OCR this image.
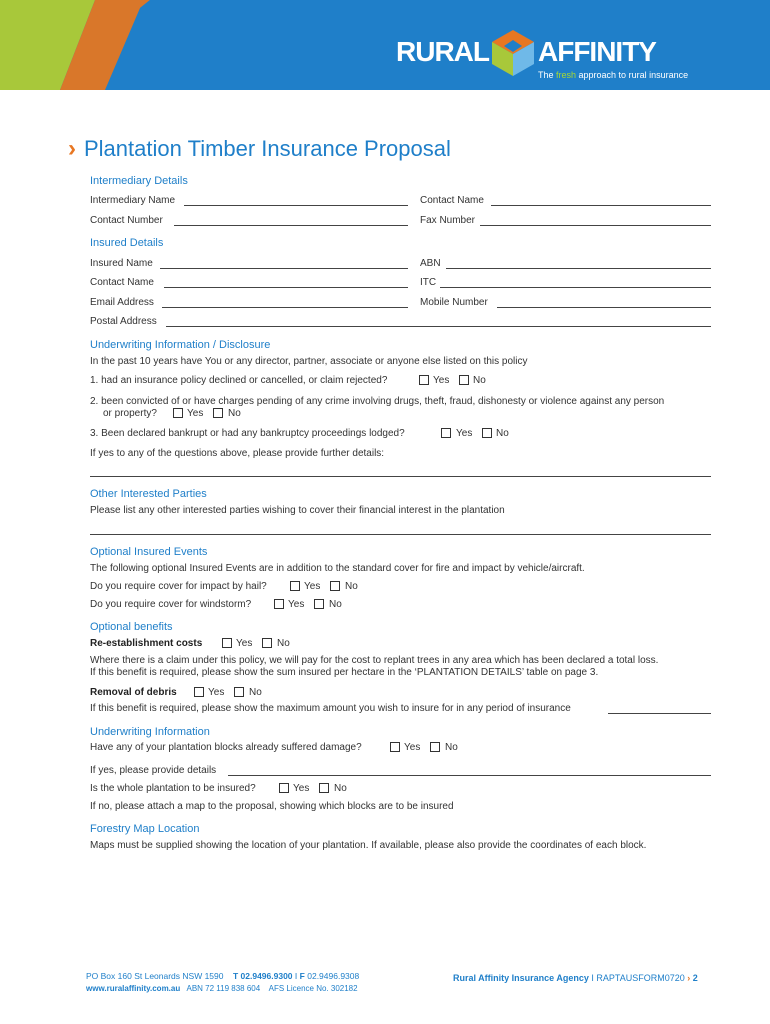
RURAL AFFINITY
The fresh approach to rural insurance
› Plantation Timber Insurance Proposal
Intermediary Details
Intermediary Name	Contact Name
Contact Number	Fax Number
Insured Details
Insured Name	ABN
Contact Name	ITC
Email Address	Mobile Number
Postal Address
Underwriting Information / Disclosure
In the past 10 years have You or any director, partner, associate or anyone else listed on this policy
1. had an insurance policy declined or cancelled, or claim rejected?	Yes No
2. been convicted of or have charges pending of any crime involving drugs, theft, fraud, dishonesty or violence against any person
or property?	Yes No
3. Been declared bankrupt or had any bankruptcy proceedings lodged?	Yes No
If yes to any of the questions above, please provide further details:
Other Interested Parties
Please list any other interested parties wishing to cover their financial interest in the plantation
Optional Insured Events
The following optional Insured Events are in addition to the standard cover for fire and impact by vehicle/aircraft.
Do you require cover for impact by hail?	Yes No
Do you require cover for windstorm?	Yes No
Optional benefits
Re-establishment costs	Yes No
Where there is a claim under this policy, we will pay for the cost to replant trees in any area which has been declared a total loss.
If this benefit is required, please show the sum insured per hectare in the ‘PLANTATION DETAILS’ table on page 3.
Removal of debris	Yes No
If this benefit is required, please show the maximum amount you wish to insure for in any period of insurance
Underwriting Information
Have any of your plantation blocks already suffered damage?	Yes No
If yes, please provide details
Is the whole plantation to be insured?	Yes No
If no, please attach a map to the proposal, showing which blocks are to be insured
Forestry Map Location
Maps must be supplied showing the location of your plantation. If available, please also provide the coordinates of each block.
PO Box 160 St Leonards NSW 1590 T 02.9496.9300 I F 02.9496.9308
www.ruralaffinity.com.au ABN 72 119 838 604 AFS Licence No. 302182
Rural Affinity Insurance Agency I RAPTAUSFORM0720 › 2
